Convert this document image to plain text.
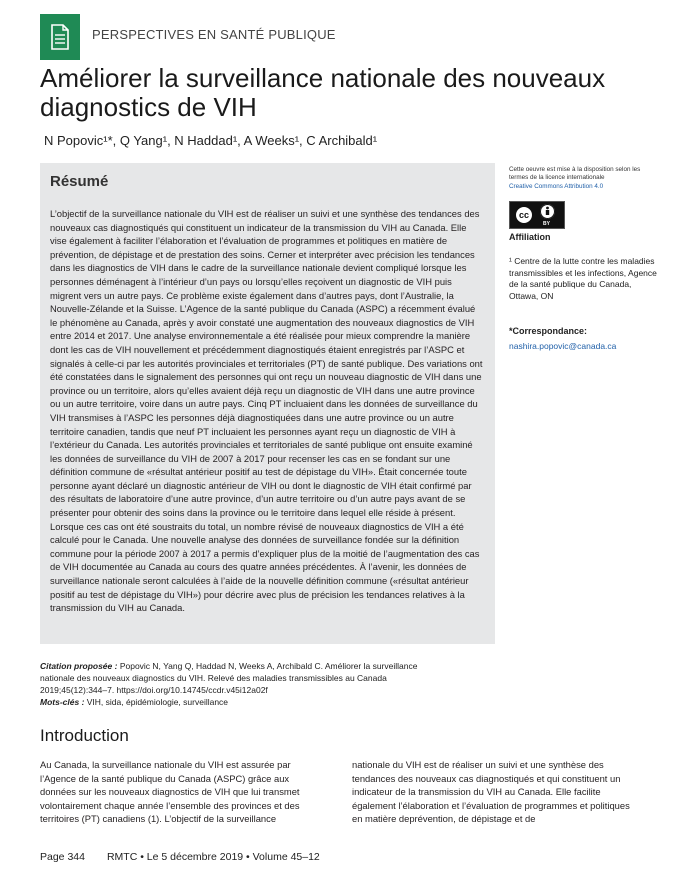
PERSPECTIVES EN SANTÉ PUBLIQUE
Améliorer la surveillance nationale des nouveaux diagnostics de VIH
N Popovic¹*, Q Yang¹, N Haddad¹, A Weeks¹, C Archibald¹
Résumé

L’objectif de la surveillance nationale du VIH est de réaliser un suivi et une synthèse des tendances des nouveaux cas diagnostiqués qui constituent un indicateur de la transmission du VIH au Canada. Elle vise également à faciliter l’élaboration et l’évaluation de programmes et politiques en matière de prévention, de dépistage et de prestation des soins. Cerner et interpréter avec précision les tendances dans les diagnostics de VIH dans le cadre de la surveillance nationale devient compliqué lorsque les personnes déménagent à l’intérieur d’un pays ou lorsqu’elles reçoivent un diagnostic de VIH puis migrent vers un autre pays. Ce problème existe également dans d’autres pays, dont l’Australie, la Nouvelle-Zélande et la Suisse. L’Agence de la santé publique du Canada (ASPC) a récemment évalué le phénomène au Canada, après y avoir constaté une augmentation des nouveaux diagnostics de VIH entre 2014 et 2017. Une analyse environnementale a été réalisée pour mieux comprendre la manière dont les cas de VIH nouvellement et précédemment diagnostiqués étaient enregistrés par l’ASPC et signalés à celle-ci par les autorités provinciales et territoriales (PT) de santé publique. Des variations ont été constatées dans le signalement des personnes qui ont reçu un nouveau diagnostic de VIH dans une province ou un territoire, alors qu’elles avaient déjà reçu un diagnostic de VIH dans une autre province ou un autre territoire, voire dans un autre pays. Cinq PT incluaient dans les données de surveillance du VIH transmises à l’ASPC les personnes déjà diagnostiquées dans une autre province ou un autre territoire canadien, tandis que neuf PT incluaient les personnes ayant reçu un diagnostic de VIH à l’extérieur du Canada. Les autorités provinciales et territoriales de santé publique ont ensuite examiné les données de surveillance du VIH de 2007 à 2017 pour recenser les cas en se fondant sur une définition commune de «résultat antérieur positif au test de dépistage du VIH». Était concernée toute personne ayant déclaré un diagnostic antérieur de VIH ou dont le diagnostic de VIH était confirmé par des résultats de laboratoire d’une autre province, d’un autre territoire ou d’un autre pays avant de se présenter pour obtenir des soins dans la province ou le territoire dans lequel elle réside à présent. Lorsque ces cas ont été soustraits du total, un nombre révisé de nouveaux diagnostics de VIH a été calculé pour le Canada. Une nouvelle analyse des données de surveillance fondée sur la définition commune pour la période 2007 à 2017 a permis d’expliquer plus de la moitié de l’augmentation des cas de VIH documentée au Canada au cours des quatre années précédentes. À l’avenir, les données de surveillance nationale seront calculées à l’aide de la nouvelle définition commune («résultat antérieur positif au test de dépistage du VIH») pour décrire avec plus de précision les tendances relatives à la transmission du VIH au Canada.

Cette oeuvre est mise à la disposition selon les termes de la licence internationale
Creative Commons Attribution 4.0
cc
BY
Affiliation
¹ Centre de la lutte contre les maladies transmissibles et les infections, Agence de la santé publique du Canada, Ottawa, ON
*Correspondance:
nashira.popovic@canada.ca
Citation proposée : Popovic N, Yang Q, Haddad N, Weeks A, Archibald C. Améliorer la surveillance nationale des nouveaux diagnostics du VIH. Relevé des maladies transmissibles au Canada 2019;45(12):344–7. https://doi.org/10.14745/ccdr.v45i12a02f
Mots-clés : VIH, sida, épidémiologie, surveillance
Introduction

Au Canada, la surveillance nationale du VIH est assurée par l’Agence de la santé publique du Canada (ASPC) grâce aux données sur les nouveaux diagnostics de VIH que lui transmet volontairement chaque année l’ensemble des provinces et des territoires (PT) canadiens (1). L’objectif de la surveillance

nationale du VIH est de réaliser un suivi et une synthèse des tendances des nouveaux cas diagnostiqués et qui constituent un indicateur de la transmission du VIH au Canada. Elle facilite également l’élaboration et l’évaluation de programmes et politiques en matière deprévention, de dépistage et de

Page 344 RMTC • Le 5 décembre 2019 • Volume 45–12
